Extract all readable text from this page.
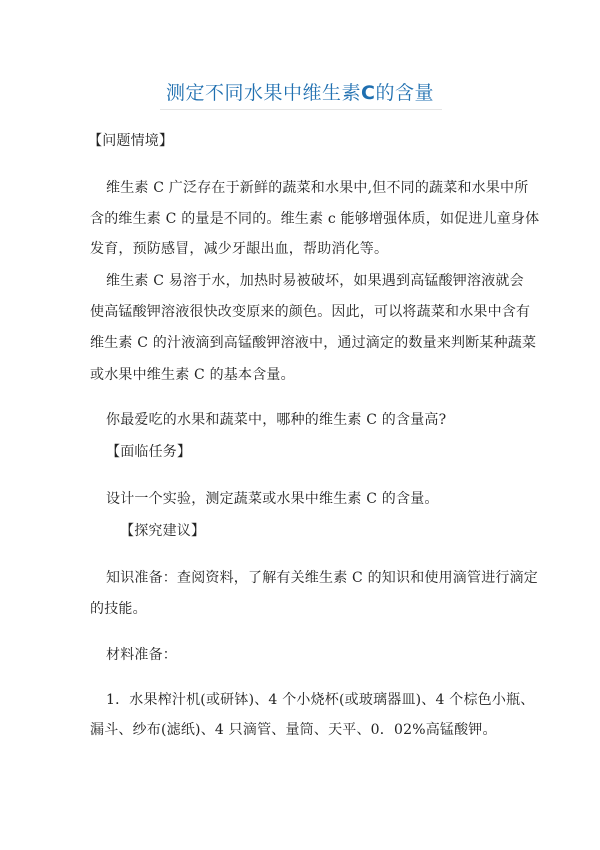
测定不同水果中维生素C的含量
【问题情境】
维生素 C 广泛存在于新鲜的蔬菜和水果中,但不同的蔬菜和水果中所
含的维生素 C 的量是不同的。维生素 c 能够增强体质，如促进儿童身体
发育，预防感冒，减少牙龈出血，帮助消化等。
维生素 C 易溶于水，加热时易被破坏，如果遇到高锰酸钾溶液就会
使高锰酸钾溶液很快改变原来的颜色。因此，可以将蔬菜和水果中含有
维生素 C 的汁液滴到高锰酸钾溶液中，通过滴定的数量来判断某种蔬菜
或水果中维生素 C 的基本含量。
你最爱吃的水果和蔬菜中，哪种的维生素 C 的含量高?
【面临任务】
设计一个实验，测定蔬菜或水果中维生素 C 的含量。
【探究建议】
知识准备：查阅资料，了解有关维生素 C 的知识和使用滴管进行滴定
的技能。
材料准备：
1．水果榨汁机(或研钵)、4 个小烧杯(或玻璃器皿)、4 个棕色小瓶、
漏斗、纱布(滤纸)、4 只滴管、量筒、天平、0．02%高锰酸钾。
